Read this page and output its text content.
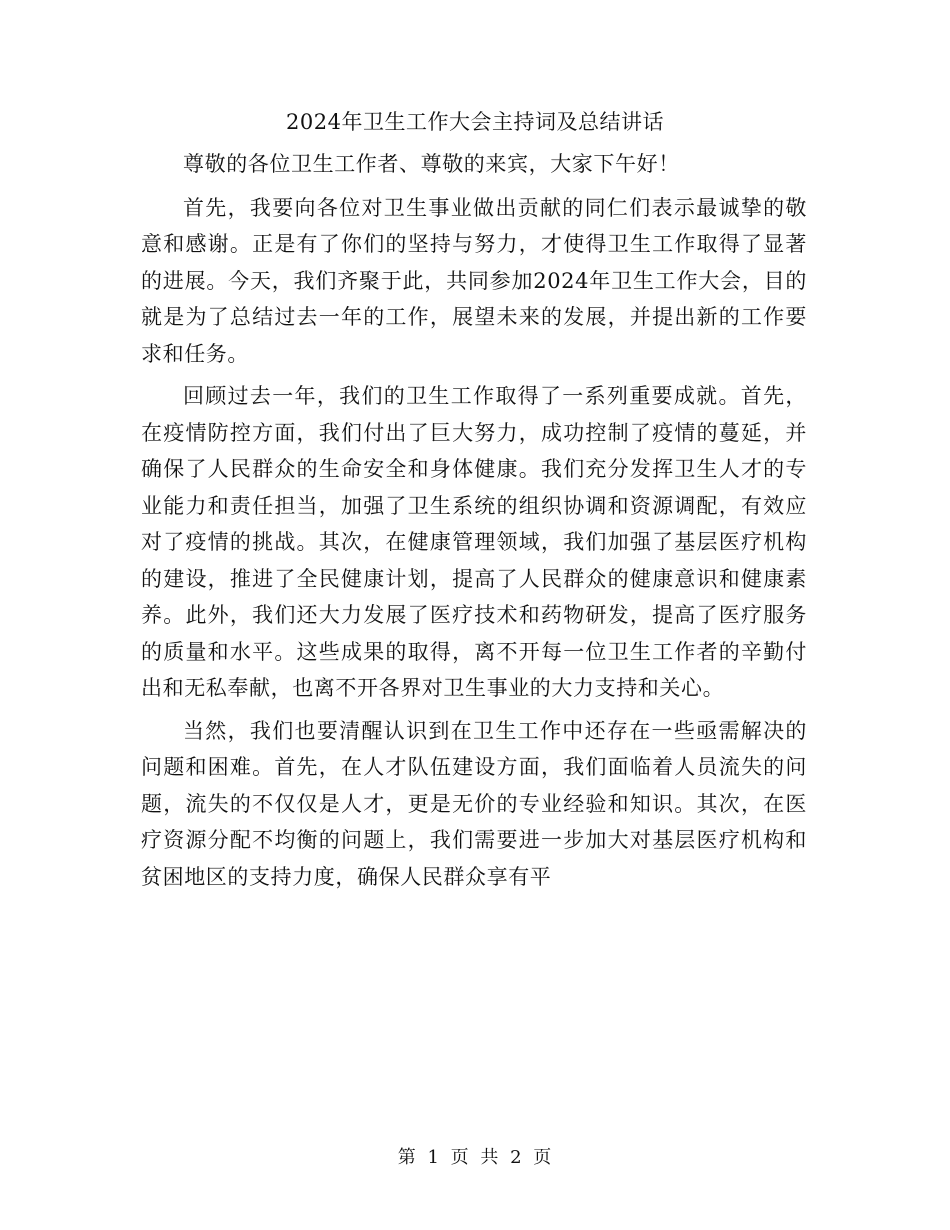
2024年卫生工作大会主持词及总结讲话

尊敬的各位卫生工作者、尊敬的来宾，大家下午好！

首先，我要向各位对卫生事业做出贡献的同仁们表示最诚挚的敬意和感谢。正是有了你们的坚持与努力，才使得卫生工作取得了显著的进展。今天，我们齐聚于此，共同参加2024年卫生工作大会，目的就是为了总结过去一年的工作，展望未来的发展，并提出新的工作要求和任务。

回顾过去一年，我们的卫生工作取得了一系列重要成就。首先，在疫情防控方面，我们付出了巨大努力，成功控制了疫情的蔓延，并确保了人民群众的生命安全和身体健康。我们充分发挥卫生人才的专业能力和责任担当，加强了卫生系统的组织协调和资源调配，有效应对了疫情的挑战。其次，在健康管理领域，我们加强了基层医疗机构的建设，推进了全民健康计划，提高了人民群众的健康意识和健康素养。此外，我们还大力发展了医疗技术和药物研发，提高了医疗服务的质量和水平。这些成果的取得，离不开每一位卫生工作者的辛勤付出和无私奉献，也离不开各界对卫生事业的大力支持和关心。

当然，我们也要清醒认识到在卫生工作中还存在一些亟需解决的问题和困难。首先，在人才队伍建设方面，我们面临着人员流失的问题，流失的不仅仅是人才，更是无价的专业经验和知识。其次，在医疗资源分配不均衡的问题上，我们需要进一步加大对基层医疗机构和贫困地区的支持力度，确保人民群众享有平

第 1 页 共 2 页
